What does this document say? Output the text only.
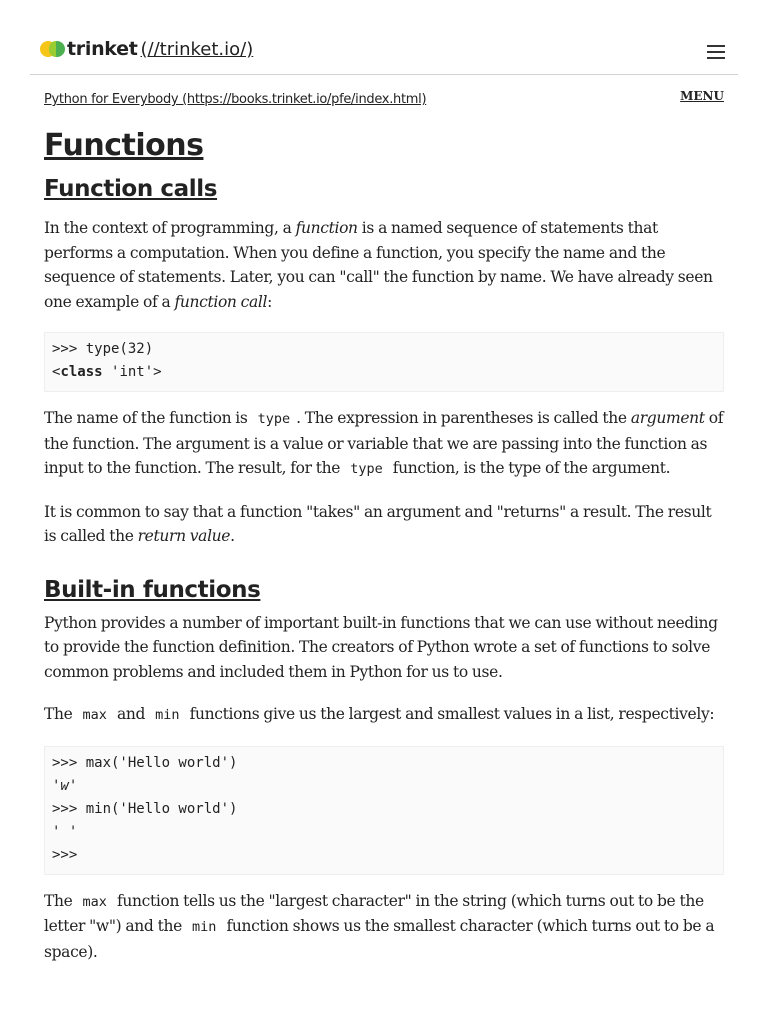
trinket (//trinket.io/)
Python for Everybody (https://books.trinket.io/pfe/index.html)	MENU
Functions
Function calls

In the context of programming, a function is a named sequence of statements that performs a computation. When you define a function, you specify the name and the sequence of statements. Later, you can "call" the function by name. We have already seen one example of a function call:

>>> type(32)
<class 'int'>

The name of the function is type . The expression in parentheses is called the argument of the function. The argument is a value or variable that we are passing into the function as input to the function. The result, for the type function, is the type of the argument.

It is common to say that a function "takes" an argument and "returns" a result. The result is called the return value.

Built-in functions

Python provides a number of important built-in functions that we can use without needing to provide the function definition. The creators of Python wrote a set of functions to solve common problems and included them in Python for us to use.

The max and min functions give us the largest and smallest values in a list, respectively:

>>> max('Hello world')
'w'
>>> min('Hello world')
' '
>>>

The max function tells us the "largest character" in the string (which turns out to be the letter "w") and the min function shows us the smallest character (which turns out to be a space).
